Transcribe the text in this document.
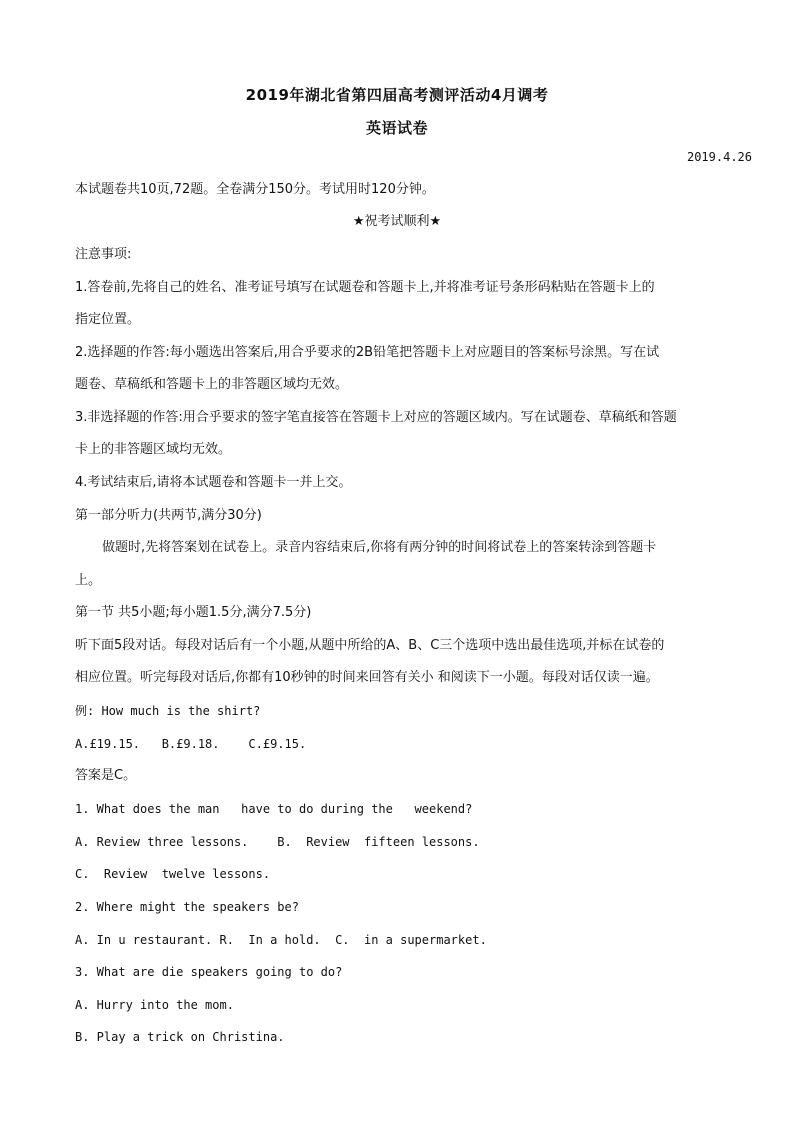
2019年湖北省第四届高考测评活动4月调考
英语试卷
2019.4.26
本试题卷共10页,72题。全卷满分150分。考试用时120分钟。
★祝考试顺利★
注意事项:
1.答卷前,先将自己的姓名、准考证号填写在试题卷和答题卡上,并将准考证号条形码粘贴在答题卡上的
指定位置。
2.选择题的作答:每小题选出答案后,用合乎要求的2B铅笔把答题卡上对应题目的答案标号涂黑。写在试
题卷、草稿纸和答题卡上的非答题区域均无效。
3.非选择题的作答:用合乎要求的签字笔直接答在答题卡上对应的答题区域内。写在试题卷、草稿纸和答题
卡上的非答题区域均无效。
4.考试结束后,请将本试题卷和答题卡一并上交。
第一部分听力(共两节,满分30分)
做题时,先将答案划在试卷上。录音内容结束后,你将有两分钟的时间将试卷上的答案转涂到答题卡
上。
第一节 共5小题;每小题1.5分,满分7.5分)
听下面5段对话。每段对话后有一个小题,从题中所给的A、B、C三个选项中选出最佳选项,并标在试卷的
相应位置。听完每段对话后,你都有10秒钟的时间来回答有关小 和阅读下一小题。每段对话仅读一遍。
例: How much is the shirt?
A.£19.15.   B.£9.18.    C.£9.15.
答案是C。
1. What does the man   have to do during the   weekend?
A. Review three lessons.    B.  Review  fifteen lessons.
C.  Review  twelve lessons.
2. Where might the speakers be?
A. In u restaurant. R.  In a hold.  C.  in a supermarket.
3. What are die speakers going to do?
A. Hurry into the mom.
B. Play a trick on Christina.
